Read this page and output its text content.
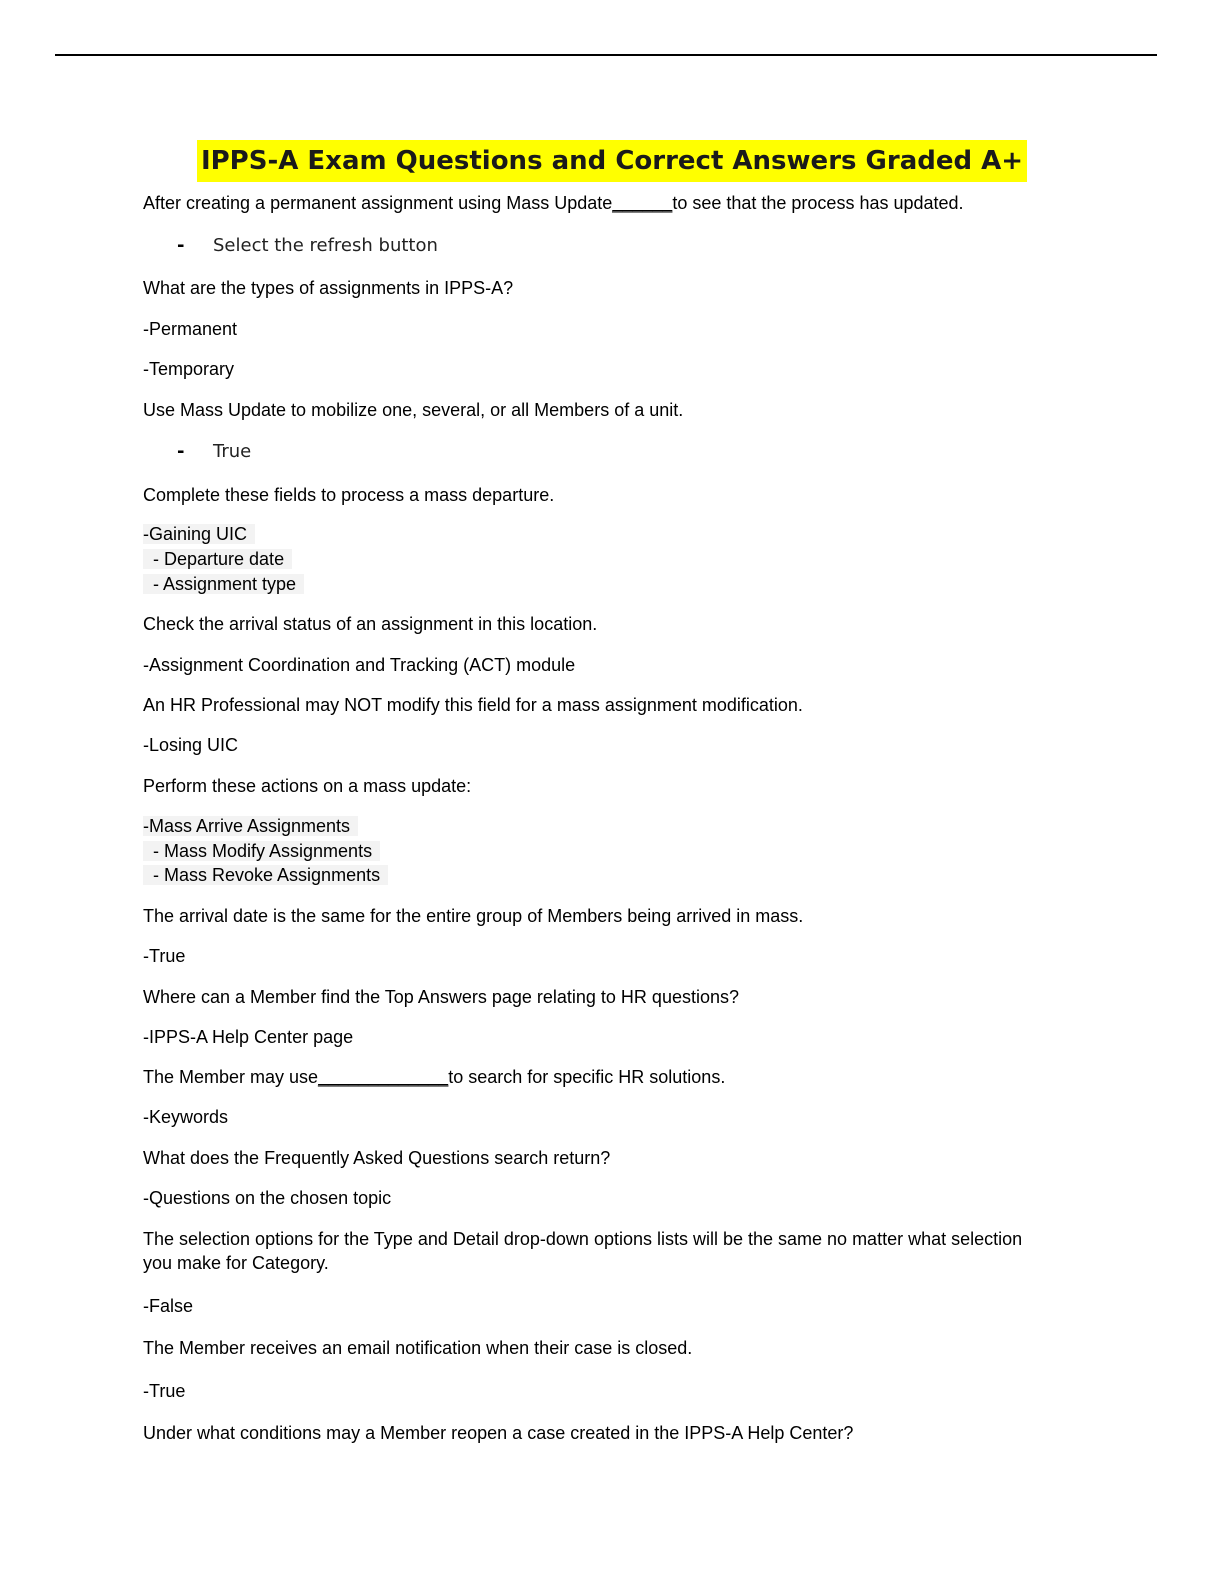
IPPS-A Exam Questions and Correct Answers Graded A+
After creating a permanent assignment using Mass Update______to see that the process has updated.
- Select the refresh button
What are the types of assignments in IPPS-A?
-Permanent
-Temporary
Use Mass Update to mobilize one, several, or all Members of a unit.
- True
Complete these fields to process a mass departure.
-Gaining UIC
- Departure date
- Assignment type
Check the arrival status of an assignment in this location.
-Assignment Coordination and Tracking (ACT) module
An HR Professional may NOT modify this field for a mass assignment modification.
-Losing UIC
Perform these actions on a mass update:
-Mass Arrive Assignments
- Mass Modify Assignments
- Mass Revoke Assignments
The arrival date is the same for the entire group of Members being arrived in mass.
-True
Where can a Member find the Top Answers page relating to HR questions?
-IPPS-A Help Center page
The Member may use_____________to search for specific HR solutions.
-Keywords
What does the Frequently Asked Questions search return?
-Questions on the chosen topic
The selection options for the Type and Detail drop-down options lists will be the same no matter what selection you make for Category.
-False
The Member receives an email notification when their case is closed.
-True
Under what conditions may a Member reopen a case created in the IPPS-A Help Center?
